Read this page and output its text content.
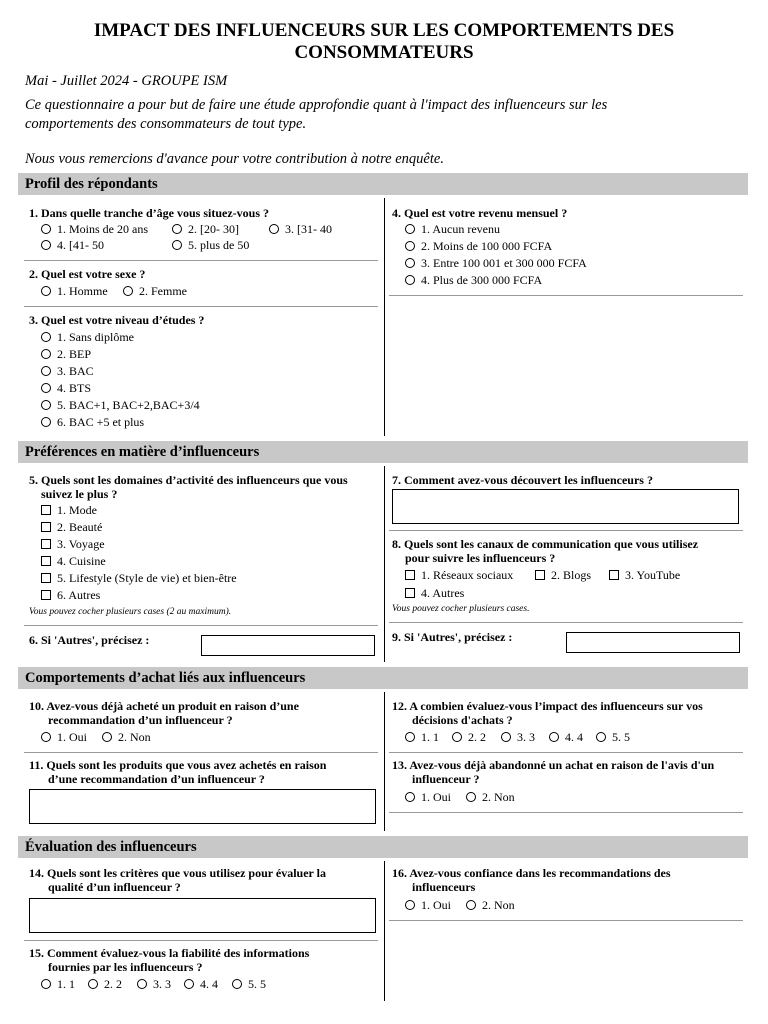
IMPACT DES INFLUENCEURS SUR LES COMPORTEMENTS DES
CONSOMMATEURS
Mai - Juillet 2024 - GROUPE ISM
Ce questionnaire a pour but de faire une étude approfondie quant à l'impact des influenceurs sur les
comportements des consommateurs de tout type.
Nous vous remercions d'avance pour votre contribution à notre enquête.
Profil des répondants
1. Dans quelle tranche d’âge vous situez-vous ?
1. Moins de 20 ans	2. [20- 30]	3. [31- 40
4. [41- 50	5. plus de 50
2. Quel est votre sexe ?
1. Homme	2. Femme
3. Quel est votre niveau d’études ?
1. Sans diplôme
2. BEP
3. BAC
4. BTS
5. BAC+1, BAC+2,BAC+3/4
6. BAC +5 et plus
4. Quel est votre revenu mensuel ?
1. Aucun revenu
2. Moins de 100 000 FCFA
3. Entre 100 001 et 300 000 FCFA
4. Plus de 300 000 FCFA
Préférences en matière d’influenceurs
5. Quels sont les domaines d’activité des influenceurs que vous
suivez le plus ?
1. Mode
2. Beauté
3. Voyage
4. Cuisine
5. Lifestyle (Style de vie) et bien-être
6. Autres
Vous pouvez cocher plusieurs cases (2 au maximum).
6. Si 'Autres', précisez :
7. Comment avez-vous découvert les influenceurs ?
8. Quels sont les canaux de communication que vous utilisez
pour suivre les influenceurs ?
1. Réseaux sociaux	2. Blogs	3. YouTube
4. Autres
Vous pouvez cocher plusieurs cases.
9. Si 'Autres', précisez :
Comportements d’achat liés aux influenceurs
10. Avez-vous déjà acheté un produit en raison d’une
recommandation d’un influenceur ?
1. Oui	2. Non
11. Quels sont les produits que vous avez achetés en raison
d’une recommandation d’un influenceur ?
12. A combien évaluez-vous l’impact des influenceurs sur vos
décisions d'achats ?
1. 1	2. 2	3. 3	4. 4	5. 5
13. Avez-vous déjà abandonné un achat en raison de l'avis d'un
influenceur ?
1. Oui	2. Non
Évaluation des influenceurs
14. Quels sont les critères que vous utilisez pour évaluer la
qualité d’un influenceur ?
15. Comment évaluez-vous la fiabilité des informations
fournies par les influenceurs ?
1. 1	2. 2	3. 3	4. 4	5. 5
16. Avez-vous confiance dans les recommandations des
influenceurs
1. Oui	2. Non
